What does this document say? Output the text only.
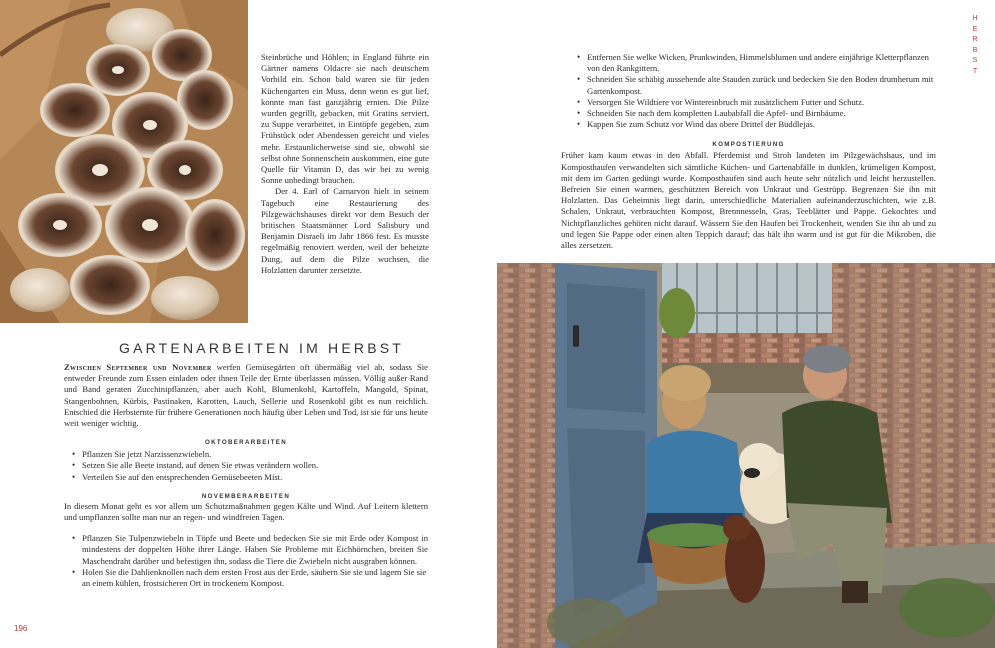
Steinbrüche und Höhlen; in England führte ein Gärtner namens Oldacre sie nach deutschem Vorbild ein. Schon bald waren sie für jeden Küchengarten ein Muss, denn wenn es gut lief, konnte man fast ganzjährig ernten. Die Pilze wurden gegrillt, gebacken, mit Gratins serviert, zu Suppe verarbeitet, in Eintöpfe gegeben, zum Frühstück oder Abendessen gereicht und vieles mehr. Erstaunlicherweise sind sie, obwohl sie selbst ohne Sonnenschein auskommen, eine gute Quelle für Vitamin D, das wir bei zu wenig Sonne unbedingt brauchen.

Der 4. Earl of Carnarvon hielt in seinem Tagebuch eine Restaurierung des Pilzgewächshauses direkt vor dem Besuch der britischen Staatsmänner Lord Salisbury und Benjamin Disraeli im Jahr 1866 fest. Es musste regelmäßig renoviert werden, weil der beheizte Dung, auf dem die Pilze wuchsen, die Holzlatten darunter zersetzte.

H
E
R
B
S
T
• Entfernen Sie welke Wicken, Prunkwinden, Himmelsblumen und andere einjährige Kletterpflanzen von den Rankgittern.
• Schneiden Sie schäbig aussehende alte Stauden zurück und bedecken Sie den Boden drumherum mit Gartenkompost.
• Versorgen Sie Wildtiere vor Wintereinbruch mit zusätzlichem Futter und Schutz.
• Schneiden Sie nach dem kompletten Laubabfall die Apfel- und Birnbäume.
• Kappen Sie zum Schutz vor Wind das obere Drittel der Buddlejas.
KOMPOSTIERUNG

Früher kam kaum etwas in den Abfall. Pferdemist und Stroh landeten im Pilzgewächshaus, und im Komposthaufen verwandelten sich sämtliche Küchen- und Gartenabfälle in dunklen, krümeligen Kompost, mit dem im Garten gedüngt wurde. Komposthaufen sind auch heute sehr nützlich und leicht herzustellen. Befreien Sie einen warmen, geschützten Bereich von Unkraut und Gestrüpp. Begrenzen Sie ihn mit Holzlatten. Das Geheimnis liegt darin, unterschiedliche Materialien aufeinanderzuschichten, wie z.B. Schalen, Unkraut, verbrauchten Kompost, Brennnesseln, Gras, Teeblätter und Pappe. Gekochtes und Nichtpflanzliches gehören nicht darauf. Wässern Sie den Haufen bei Trockenheit, wenden Sie ihn ab und zu und legen Sie Pappe oder einen alten Teppich darauf; das hält ihn warm und ist gut für die Mikroben, die alles zersetzen.

GARTENARBEITEN IM HERBST

Zwischen September und November werfen Gemüsegärten oft übermäßig viel ab, sodass Sie entweder Freunde zum Essen einladen oder ihnen Teile der Ernte überlassen müssen. Völlig außer Rand und Band geraten Zucchinipflanzen, aber auch Kohl, Blumenkohl, Kartoffeln, Mangold, Spinat, Stangenbohnen, Kürbis, Pastinaken, Karotten, Lauch, Sellerie und Rosenkohl gibt es nun reichlich. Entschied die Herbsternte für frühere Generationen noch häufig über Leben und Tod, ist sie für uns heute weit weniger wichtig.

OKTOBERARBEITEN
• Pflanzen Sie jetzt Narzissenzwiebeln.
• Setzen Sie alle Beete instand, auf denen Sie etwas verändern wollen.
• Verteilen Sie auf den entsprechenden Gemüsebeeten Mist.
NOVEMBERARBEITEN

In diesem Monat geht es vor allem um Schutzmaßnahmen gegen Kälte und Wind. Auf Leitern klettern und umpflanzen sollte man nur an regen- und windfreien Tagen.

• Pflanzen Sie Tulpenzwiebeln in Töpfe und Beete und bedecken Sie sie mit Erde oder Kompost in mindestens der doppelten Höhe ihrer Länge. Haben Sie Probleme mit Eichhörnchen, breiten Sie Maschendraht darüber und befestigen ihn, sodass die Tiere die Zwiebeln nicht ausgraben können.
• Holen Sie die Dahlienknollen nach dem ersten Frost aus der Erde, säubern Sie sie und lagern Sie sie an einem kühlen, frostsicheren Ort in trockenem Kompost.
196
